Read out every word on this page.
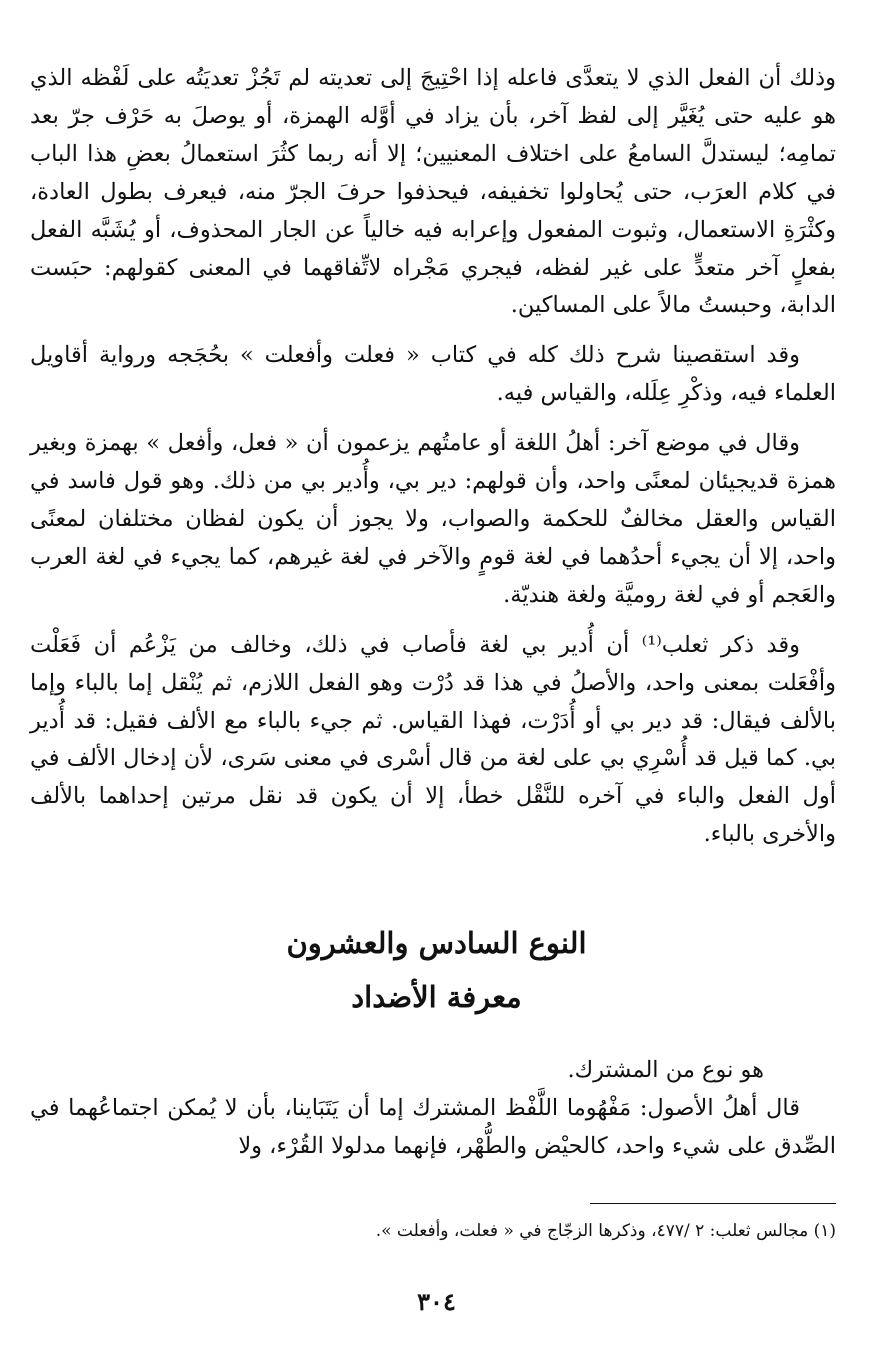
وذلك أن الفعل الذي لا يتعدَّى فاعله إذا احْتِيجَ إلى تعديته لم تَجُزْ تعديَتُه على لَفْظه الذي هو عليه حتى يُغَيَّر إلى لفظ آخر، بأن يزاد في أوَّله الهمزة، أو يوصلَ به حَرْف جرّ بعد تمامِه؛ ليستدلَّ السامعُ على اختلاف المعنيين؛ إلا أنه ربما كثُرَ استعمالُ بعضِ هذا الباب في كلام العرَب، حتى يُحاولوا تخفيفه، فيحذفوا حرفَ الجرّ منه، فيعرف بطول العادة، وكثْرَةِ الاستعمال، وثبوت المفعول وإعرابه فيه خالياً عن الجار المحذوف، أو يُشَبَّه الفعل بفعلٍ آخر متعدٍّ على غير لفظه، فيجري مَجْراه لاتِّفاقهما في المعنى كقولهم: حبَست الدابة، وحبستُ مالاً على المساكين.

وقد استقصينا شرح ذلك كله في كتاب « فعلت وأفعلت » بحُجَجه ورواية أقاويل العلماء فيه، وذكْرِ عِلَله، والقياس فيه.

وقال في موضع آخر: أهلُ اللغة أو عامتُهم يزعمون أن « فعل، وأفعل » بهمزة وبغير همزة قديجيئان لمعنًى واحد، وأن قولهم: دير بي، وأُدير بي من ذلك. وهو قول فاسد في القياس والعقل مخالفٌ للحكمة والصواب، ولا يجوز أن يكون لفظان مختلفان لمعنًى واحد، إلا أن يجيء أحدُهما في لغة قومٍ والآخر في لغة غيرهم، كما يجيء في لغة العرب والعَجم أو في لغة روميَّة ولغة هنديّة.

وقد ذكر ثعلب⁽¹⁾ أن أُدير بي لغة فأصاب في ذلك، وخالف من يَزْعُم أن فَعَلْت وأفْعَلت بمعنى واحد، والأصلُ في هذا قد دُرْت وهو الفعل اللازم، ثم يُنْقل إما بالباء وإما بالألف فيقال: قد دير بي أو أُدَرْت، فهذا القياس. ثم جيء بالباء مع الألف فقيل: قد أُدير بي. كما قيل قد أُسْرِي بي على لغة من قال أسْرى في معنى سَرى، لأن إدخال الألف في أول الفعل والباء في آخره للنَّقْل خطأ، إلا أن يكون قد نقل مرتين إحداهما بالألف والأخرى بالباء.

النوع السادس والعشرون
معرفة الأضداد

هو نوع من المشترك.

قال أهلُ الأصول: مَفْهُوما اللَّفْظ المشترك إما أن يَتَبَاينا، بأن لا يُمكن اجتماعُهما في الصِّدق على شيء واحد، كالحيْض والطُّهْر، فإنهما مدلولا القُرْء، ولا

(١) مجالس ثعلب: ٢ /٤٧٧، وذكرها الزجّاج في « فعلت، وأفعلت ».
٣٠٤
